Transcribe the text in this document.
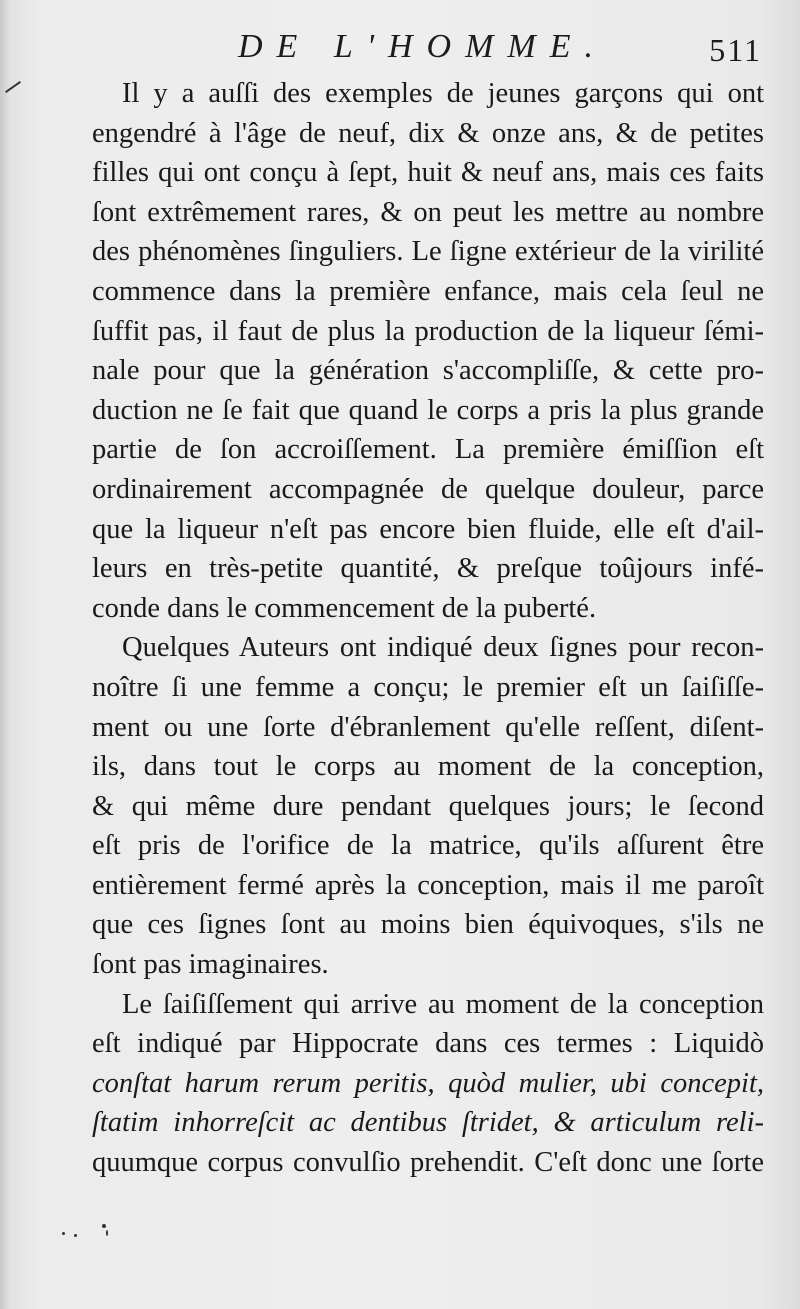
DE L'HOMME.	511
Il y a auſſi des exemples de jeunes garçons qui ont
engendré à l'âge de neuf, dix & onze ans, & de petites
filles qui ont conçu à ſept, huit & neuf ans, mais ces faits
ſont extrêmement rares, & on peut les mettre au nombre
des phénomènes ſinguliers. Le ſigne extérieur de la virilité
commence dans la première enfance, mais cela ſeul ne
ſuffit pas, il faut de plus la production de la liqueur ſémi-
nale pour que la génération s'accompliſſe, & cette pro-
duction ne ſe fait que quand le corps a pris la plus grande
partie de ſon accroiſſement. La première émiſſion eſt
ordinairement accompagnée de quelque douleur, parce
que la liqueur n'eſt pas encore bien fluide, elle eſt d'ail-
leurs en très-petite quantité, & preſque toûjours infé-
conde dans le commencement de la puberté.
Quelques Auteurs ont indiqué deux ſignes pour recon-
noître ſi une femme a conçu; le premier eſt un ſaiſiſſe-
ment ou une ſorte d'ébranlement qu'elle reſſent, diſent-
ils, dans tout le corps au moment de la conception,
& qui même dure pendant quelques jours; le ſecond
eſt pris de l'orifice de la matrice, qu'ils aſſurent être
entièrement fermé après la conception, mais il me paroît
que ces ſignes ſont au moins bien équivoques, s'ils ne
ſont pas imaginaires.
Le ſaiſiſſement qui arrive au moment de la conception
eſt indiqué par Hippocrate dans ces termes : Liquidò
conſtat harum rerum peritis, quòd mulier, ubi concepit,
ſtatim inhorreſcit ac dentibus ſtridet, & articulum reli-
quumque corpus convulſio prehendit. C'eſt donc une ſorte
